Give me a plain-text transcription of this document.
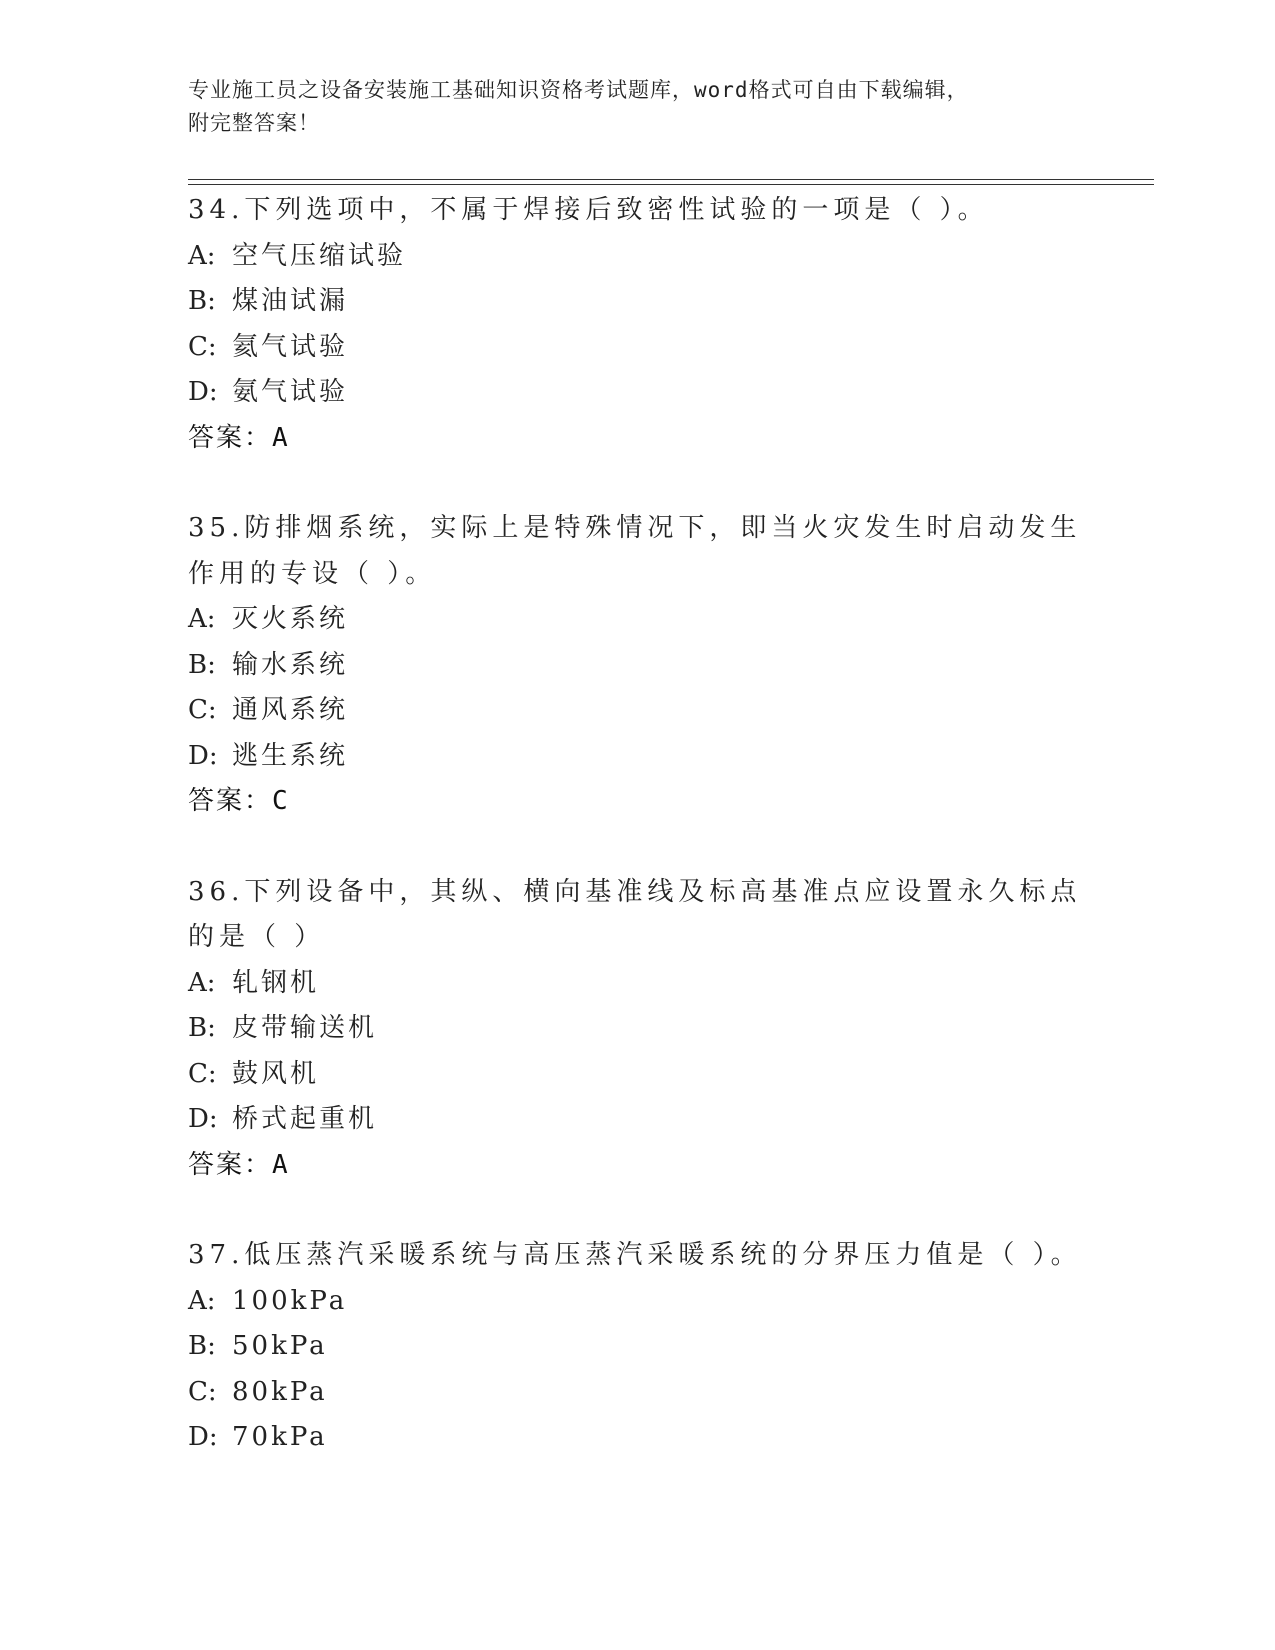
专业施工员之设备安装施工基础知识资格考试题库，word格式可自由下载编辑，
附完整答案！
34.下列选项中，不属于焊接后致密性试验的一项是（ ）。
A: 空气压缩试验
B: 煤油试漏
C: 氦气试验
D: 氨气试验
答案：A
35.防排烟系统，实际上是特殊情况下，即当火灾发生时启动发生作用的专设（ ）。
A: 灭火系统
B: 输水系统
C: 通风系统
D: 逃生系统
答案：C
36.下列设备中，其纵、横向基准线及标高基准点应设置永久标点的是（ ）
A: 轧钢机
B: 皮带输送机
C: 鼓风机
D: 桥式起重机
答案：A
37.低压蒸汽采暖系统与高压蒸汽采暖系统的分界压力值是（ ）。
A: 100kPa
B: 50kPa
C: 80kPa
D: 70kPa
